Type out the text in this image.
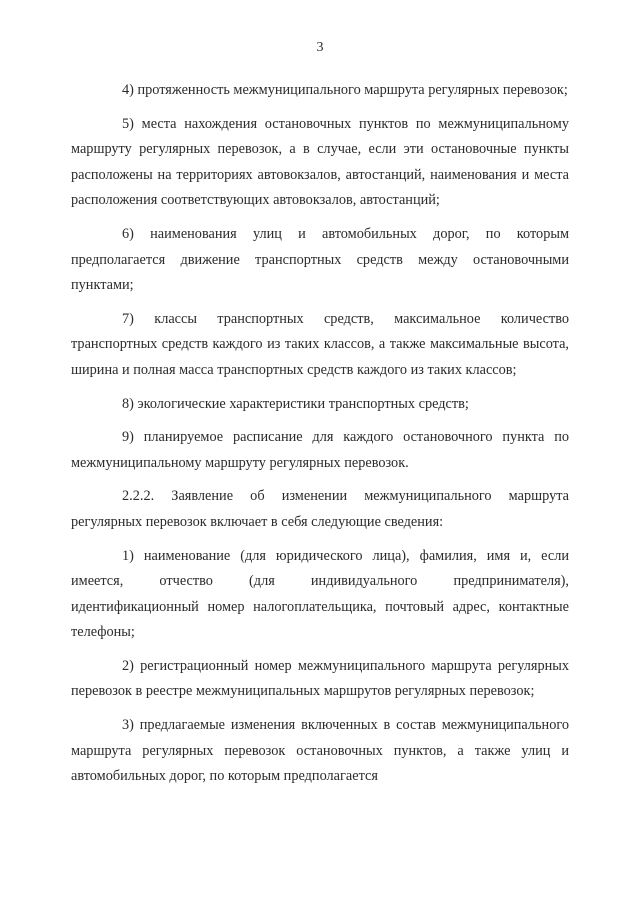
3

4) протяженность межмуниципального маршрута регулярных перевозок;

5) места нахождения остановочных пунктов по межмуниципальному маршруту регулярных перевозок, а в случае, если эти остановочные пункты расположены на территориях автовокзалов, автостанций, наименования и места расположения соответствующих автовокзалов, автостанций;

6) наименования улиц и автомобильных дорог, по которым предполагается движение транспортных средств между остановочными пунктами;

7) классы транспортных средств, максимальное количество транспортных средств каждого из таких классов, а также максимальные высота, ширина и полная масса транспортных средств каждого из таких классов;

8) экологические характеристики транспортных средств;

9) планируемое расписание для каждого остановочного пункта по межмуниципальному маршруту регулярных перевозок.

2.2.2. Заявление об изменении межмуниципального маршрута регулярных перевозок включает в себя следующие сведения:

1) наименование (для юридического лица), фамилия, имя и, если имеется, отчество (для индивидуального предпринимателя), идентификационный номер налогоплательщика, почтовый адрес, контактные телефоны;

2) регистрационный номер межмуниципального маршрута регулярных перевозок в реестре межмуниципальных маршрутов регулярных перевозок;

3) предлагаемые изменения включенных в состав межмуниципального маршрута регулярных перевозок остановочных пунктов, а также улиц и автомобильных дорог, по которым предполагается
